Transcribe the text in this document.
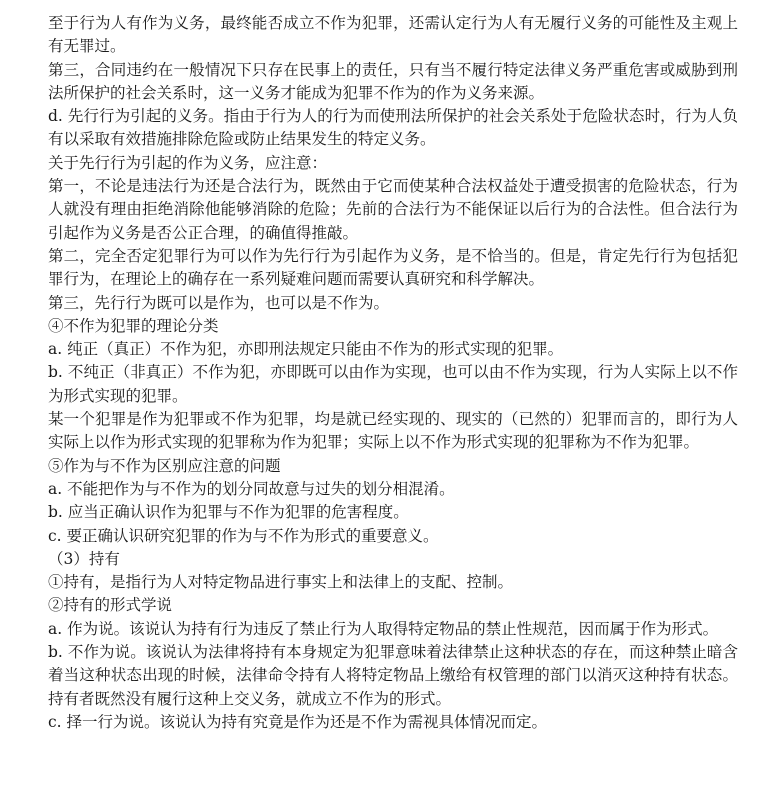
至于行为人有作为义务，最终能否成立不作为犯罪，还需认定行为人有无履行义务的可能性及主观上有无罪过。

第三，合同违约在一般情况下只存在民事上的责任，只有当不履行特定法律义务严重危害或威胁到刑法所保护的社会关系时，这一义务才能成为犯罪不作为的作为义务来源。

d. 先行行为引起的义务。指由于行为人的行为而使刑法所保护的社会关系处于危险状态时，行为人负有以采取有效措施排除危险或防止结果发生的特定义务。

关于先行行为引起的作为义务，应注意：

第一，不论是违法行为还是合法行为，既然由于它而使某种合法权益处于遭受损害的危险状态，行为人就没有理由拒绝消除他能够消除的危险；先前的合法行为不能保证以后行为的合法性。但合法行为引起作为义务是否公正合理，的确值得推敲。

第二，完全否定犯罪行为可以作为先行行为引起作为义务，是不恰当的。但是，肯定先行行为包括犯罪行为，在理论上的确存在一系列疑难问题而需要认真研究和科学解决。

第三，先行行为既可以是作为，也可以是不作为。

④不作为犯罪的理论分类

a. 纯正（真正）不作为犯，亦即刑法规定只能由不作为的形式实现的犯罪。

b. 不纯正（非真正）不作为犯，亦即既可以由作为实现，也可以由不作为实现，行为人实际上以不作为形式实现的犯罪。

某一个犯罪是作为犯罪或不作为犯罪，均是就已经实现的、现实的（已然的）犯罪而言的，即行为人实际上以作为形式实现的犯罪称为作为犯罪；实际上以不作为形式实现的犯罪称为不作为犯罪。

⑤作为与不作为区别应注意的问题

a. 不能把作为与不作为的划分同故意与过失的划分相混淆。

b. 应当正确认识作为犯罪与不作为犯罪的危害程度。

c. 要正确认识研究犯罪的作为与不作为形式的重要意义。

（3）持有

①持有，是指行为人对特定物品进行事实上和法律上的支配、控制。

②持有的形式学说

a. 作为说。该说认为持有行为违反了禁止行为人取得特定物品的禁止性规范，因而属于作为形式。

b. 不作为说。该说认为法律将持有本身规定为犯罪意味着法律禁止这种状态的存在，而这种禁止暗含着当这种状态出现的时候，法律命令持有人将特定物品上缴给有权管理的部门以消灭这种持有状态。持有者既然没有履行这种上交义务，就成立不作为的形式。

c. 择一行为说。该说认为持有究竟是作为还是不作为需视具体情况而定。
